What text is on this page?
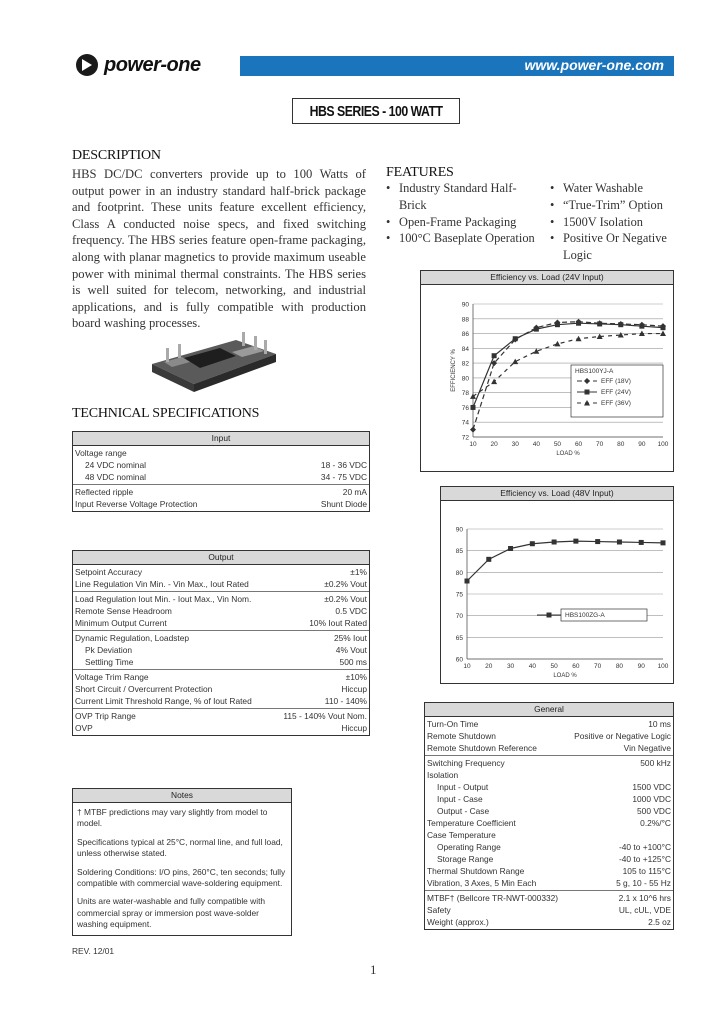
power-one	www.power-one.com
HBS SERIES - 100 WATT
DESCRIPTION
HBS DC/DC converters provide up to 100 Watts of output power in an industry standard half-brick package and footprint. These units feature excellent efficiency, Class A conducted noise specs, and fixed switching frequency. The HBS series feature open-frame packaging, along with planar magnetics to provide maximum useable power with minimal thermal constraints. The HBS series is well suited for telecom, networking, and industrial applications, and is fully compatible with production board washing processes.
FEATURES
• Industry Standard Half-Brick
• Open-Frame Packaging
• 100°C Baseplate Operation
• Water Washable
• “True-Trim” Option
• 1500V Isolation
• Positive Or Negative Logic
TECHNICAL SPECIFICATIONS
Input
Voltage range
24 VDC nominal	18 - 36 VDC
48 VDC nominal	34 - 75 VDC
Reflected ripple	20 mA
Input Reverse Voltage Protection	Shunt Diode
Output
Setpoint Accuracy	±1%
Line Regulation Vin Min. - Vin Max., Iout Rated	±0.2% Vout
Load Regulation Iout Min. - Iout Max., Vin Nom.	±0.2% Vout
Remote Sense Headroom	0.5 VDC
Minimum Output Current	10% Iout Rated
Dynamic Regulation, Loadstep	25% Iout
Pk Deviation	4% Vout
Settling Time	500 ms
Voltage Trim Range	±10%
Short Circuit / Overcurrent Protection	Hiccup
Current Limit Threshold Range, % of Iout Rated	110 - 140%
OVP Trip Range	115 - 140% Vout Nom.
OVP	Hiccup
Notes

† MTBF predictions may vary slightly from model to model.

Specifications typical at 25°C, normal line, and full load, unless otherwise stated.

Soldering Conditions: I/O pins, 260°C, ten seconds; fully compatible with commercial wave-soldering equipment.

Units are water-washable and fully compatible with commercial spray or immersion post wave-solder washing equipment.

Efficiency vs. Load (24V Input)
72
74
76
78
80
82
84
86
88
90
10 20 30 40 50 60 70 80 90 100
LOAD %
EFFICIENCY %	HBS100YJ-A
EFF (18V)
EFF (24V)
EFF (36V)
Efficiency vs. Load (48V Input)
60
65
70
75
80
85
90
10 20 30 40 50 60 70 80 90 100
LOAD %
HBS100ZG-A
General
Turn-On Time	10 ms
Remote Shutdown	Positive or Negative Logic
Remote Shutdown Reference	Vin Negative
Switching Frequency	500 kHz
Isolation
Input - Output	1500 VDC
Input - Case	1000 VDC
Output - Case	500 VDC
Temperature Coefficient	0.2%/°C
Case Temperature
Operating Range	-40 to +100°C
Storage Range	-40 to +125°C
Thermal Shutdown Range	105 to 115°C
Vibration, 3 Axes, 5 Min Each	5 g, 10 - 55 Hz
MTBF† (Bellcore TR-NWT-000332)	2.1 x 10^6 hrs
Safety	UL, cUL, VDE
Weight (approx.)	2.5 oz
REV. 12/01
1
